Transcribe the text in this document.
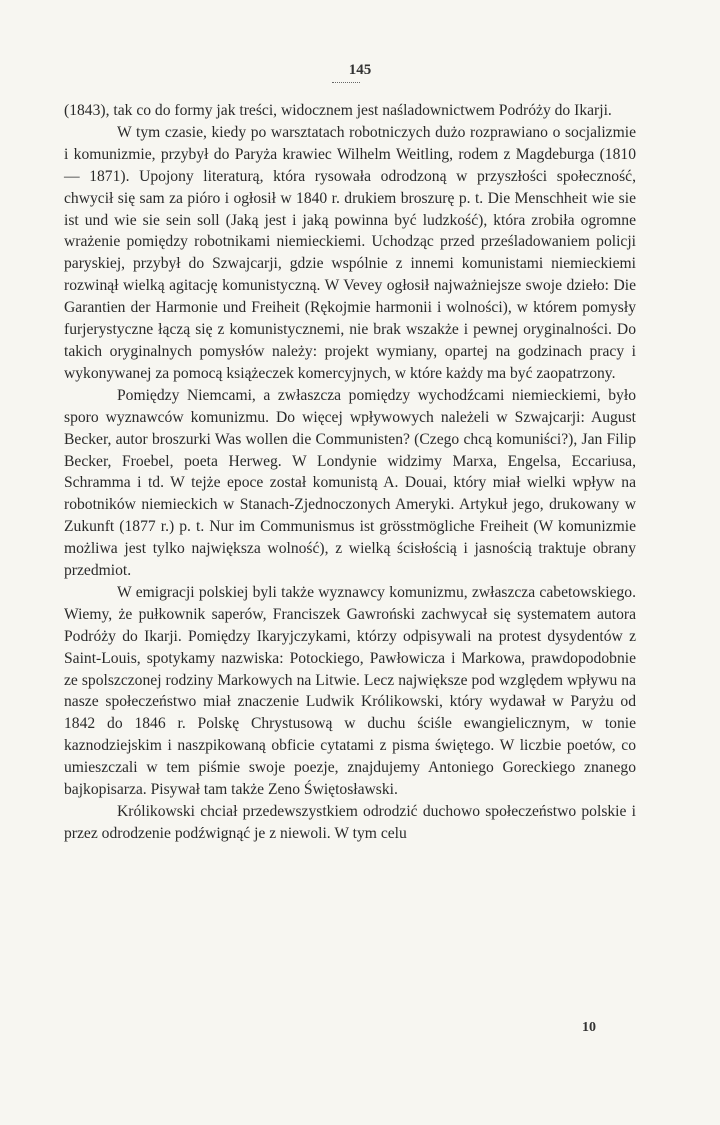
145

(1843), tak co do formy jak treści, widocznem jest naśladownictwem Podróży do Ikarji.

W tym czasie, kiedy po warsztatach robotniczych dużo rozprawiano o socjalizmie i komunizmie, przybył do Paryża krawiec Wilhelm Weitling, rodem z Magdeburga (1810 — 1871). Upojony literaturą, która rysowała odrodzoną w przyszłości społeczność, chwycił się sam za pióro i ogłosił w 1840 r. drukiem broszurę p. t. Die Menschheit wie sie ist und wie sie sein soll (Jaką jest i jaką powinna być ludzkość), która zrobiła ogromne wrażenie pomiędzy robotnikami niemieckiemi. Uchodząc przed prześladowaniem policji paryskiej, przybył do Szwajcarji, gdzie wspólnie z innemi komunistami niemieckiemi rozwinął wielką agitację komunistyczną. W Vevey ogłosił najważniejsze swoje dzieło: Die Garantien der Harmonie und Freiheit (Rękojmie harmonii i wolności), w którem pomysły furjerystyczne łączą się z komunistycznemi, nie brak wszakże i pewnej oryginalności. Do takich oryginalnych pomysłów należy: projekt wymiany, opartej na godzinach pracy i wykonywanej za pomocą książeczek komercyjnych, w które każdy ma być zaopatrzony.

Pomiędzy Niemcami, a zwłaszcza pomiędzy wychodźcami niemieckiemi, było sporo wyznawców komunizmu. Do więcej wpływowych należeli w Szwajcarji: August Becker, autor broszurki Was wollen die Communisten? (Czego chcą komuniści?), Jan Filip Becker, Froebel, poeta Herweg. W Londynie widzimy Marxa, Engelsa, Eccariusa, Schramma i td. W tejże epoce został komunistą A. Douai, który miał wielki wpływ na robotników niemieckich w Stanach-Zjednoczonych Ameryki. Artykuł jego, drukowany w Zukunft (1877 r.) p. t. Nur im Communismus ist grösstmögliche Freiheit (W komunizmie możliwa jest tylko największa wolność), z wielką ścisłością i jasnością traktuje obrany przedmiot.

W emigracji polskiej byli także wyznawcy komunizmu, zwłaszcza cabetowskiego. Wiemy, że pułkownik saperów, Franciszek Gawroński zachwycał się systematem autora Podróży do Ikarji. Pomiędzy Ikaryjczykami, którzy odpisywali na protest dysydentów z Saint-Louis, spotykamy nazwiska: Potockiego, Pawłowicza i Markowa, prawdopodobnie ze spolszczonej rodziny Markowych na Litwie. Lecz największe pod względem wpływu na nasze społeczeństwo miał znaczenie Ludwik Królikowski, który wydawał w Paryżu od 1842 do 1846 r. Polskę Chrystusową w duchu ściśle ewangielicznym, w tonie kaznodziejskim i naszpikowaną obficie cytatami z pisma świętego. W liczbie poetów, co umieszczali w tem piśmie swoje poezje, znajdujemy Antoniego Goreckiego znanego bajkopisarza. Pisywał tam także Zeno Świętosławski.

Królikowski chciał przedewszystkiem odrodzić duchowo społeczeństwo polskie i przez odrodzenie podźwignąć je z niewoli. W tym celu

10
